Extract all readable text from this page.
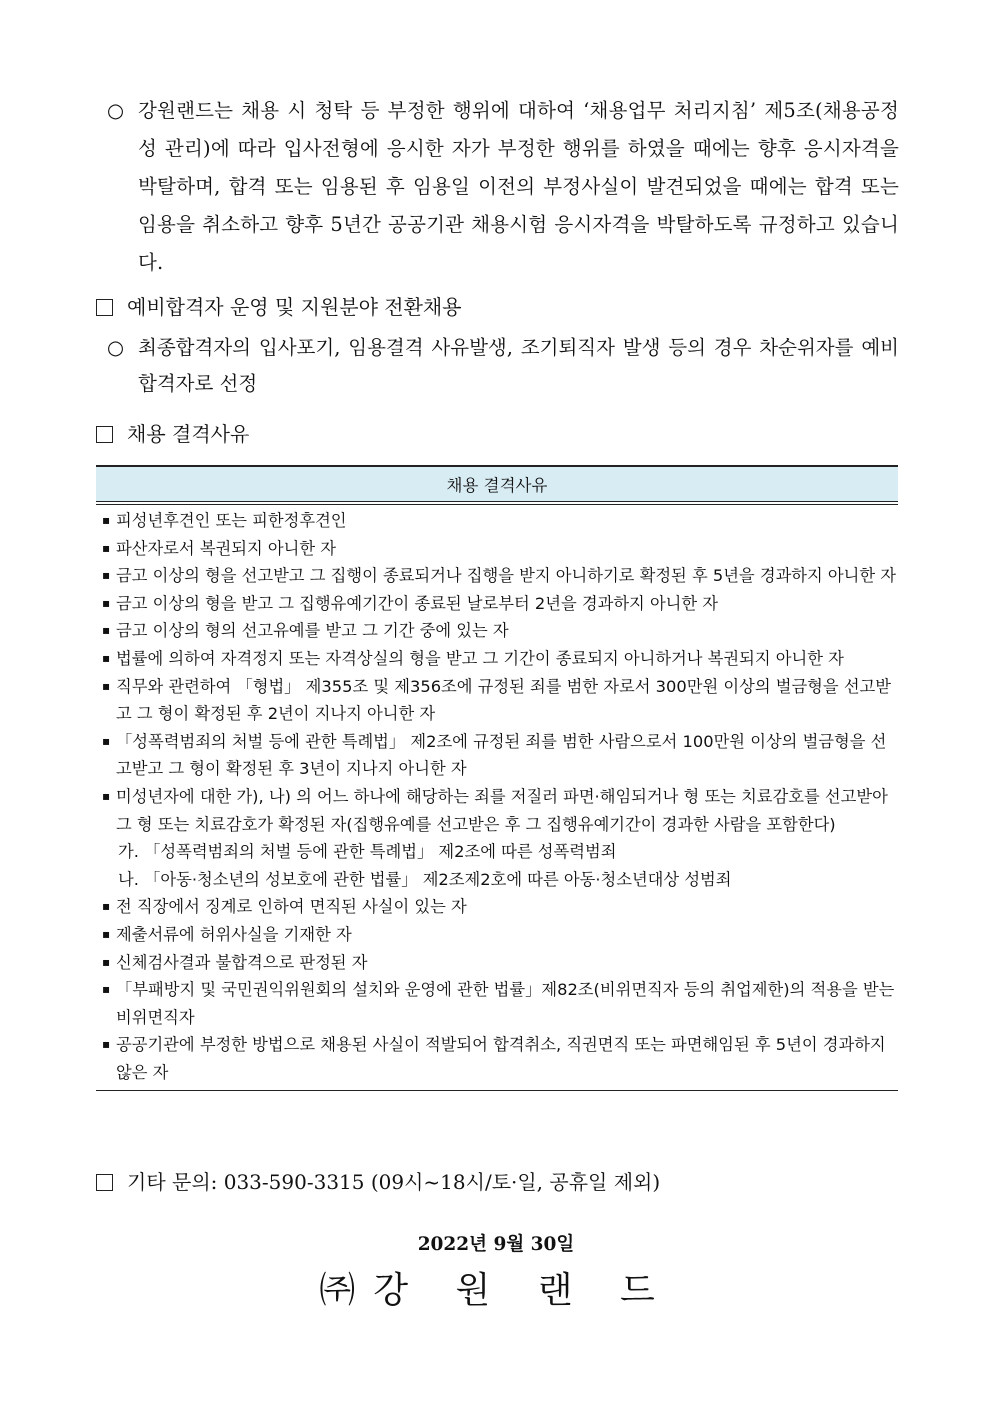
○ 강원랜드는 채용 시 청탁 등 부정한 행위에 대하여 ‘채용업무 처리지침’ 제5조(채용공정성 관리)에 따라 입사전형에 응시한 자가 부정한 행위를 하였을 때에는 향후 응시자격을 박탈하며, 합격 또는 임용된 후 임용일 이전의 부정사실이 발견되었을 때에는 합격 또는 임용을 취소하고 향후 5년간 공공기관 채용시험 응시자격을 박탈하도록 규정하고 있습니다.
예비합격자 운영 및 지원분야 전환채용
○ 최종합격자의 입사포기, 임용결격 사유발생, 조기퇴직자 발생 등의 경우 차순위자를 예비합격자로 선정
채용 결격사유
채용 결격사유
▪ 피성년후견인 또는 피한정후견인
▪ 파산자로서 복권되지 아니한 자
▪ 금고 이상의 형을 선고받고 그 집행이 종료되거나 집행을 받지 아니하기로 확정된 후 5년을 경과하지 아니한 자
▪ 금고 이상의 형을 받고 그 집행유예기간이 종료된 날로부터 2년을 경과하지 아니한 자
▪ 금고 이상의 형의 선고유예를 받고 그 기간 중에 있는 자
▪ 법률에 의하여 자격정지 또는 자격상실의 형을 받고 그 기간이 종료되지 아니하거나 복권되지 아니한 자
▪ 직무와 관련하여 「형법」 제355조 및 제356조에 규정된 죄를 범한 자로서 300만원 이상의 벌금형을 선고받고 그 형이 확정된 후 2년이 지나지 아니한 자
▪ 「성폭력범죄의 처벌 등에 관한 특례법」 제2조에 규정된 죄를 범한 사람으로서 100만원 이상의 벌금형을 선고받고 그 형이 확정된 후 3년이 지나지 아니한 자
▪ 미성년자에 대한 가), 나) 의 어느 하나에 해당하는 죄를 저질러 파면·해임되거나 형 또는 치료감호를 선고받아 그 형 또는 치료감호가 확정된 자(집행유예를 선고받은 후 그 집행유예기간이 경과한 사람을 포함한다)
가. 「성폭력범죄의 처벌 등에 관한 특례법」 제2조에 따른 성폭력범죄
나. 「아동·청소년의 성보호에 관한 법률」 제2조제2호에 따른 아동·청소년대상 성범죄
▪ 전 직장에서 징계로 인하여 면직된 사실이 있는 자
▪ 제출서류에 허위사실을 기재한 자
▪ 신체검사결과 불합격으로 판정된 자
▪ 「부패방지 및 국민권익위원회의 설치와 운영에 관한 법률」제82조(비위면직자 등의 취업제한)의 적용을 받는 비위면직자
▪ 공공기관에 부정한 방법으로 채용된 사실이 적발되어 합격취소, 직권면직 또는 파면해임된 후 5년이 경과하지 않은 자
기타 문의: 033-590-3315 (09시~18시/토·일, 공휴일 제외)
2022년 9월 30일
㈜강 원 랜 드
